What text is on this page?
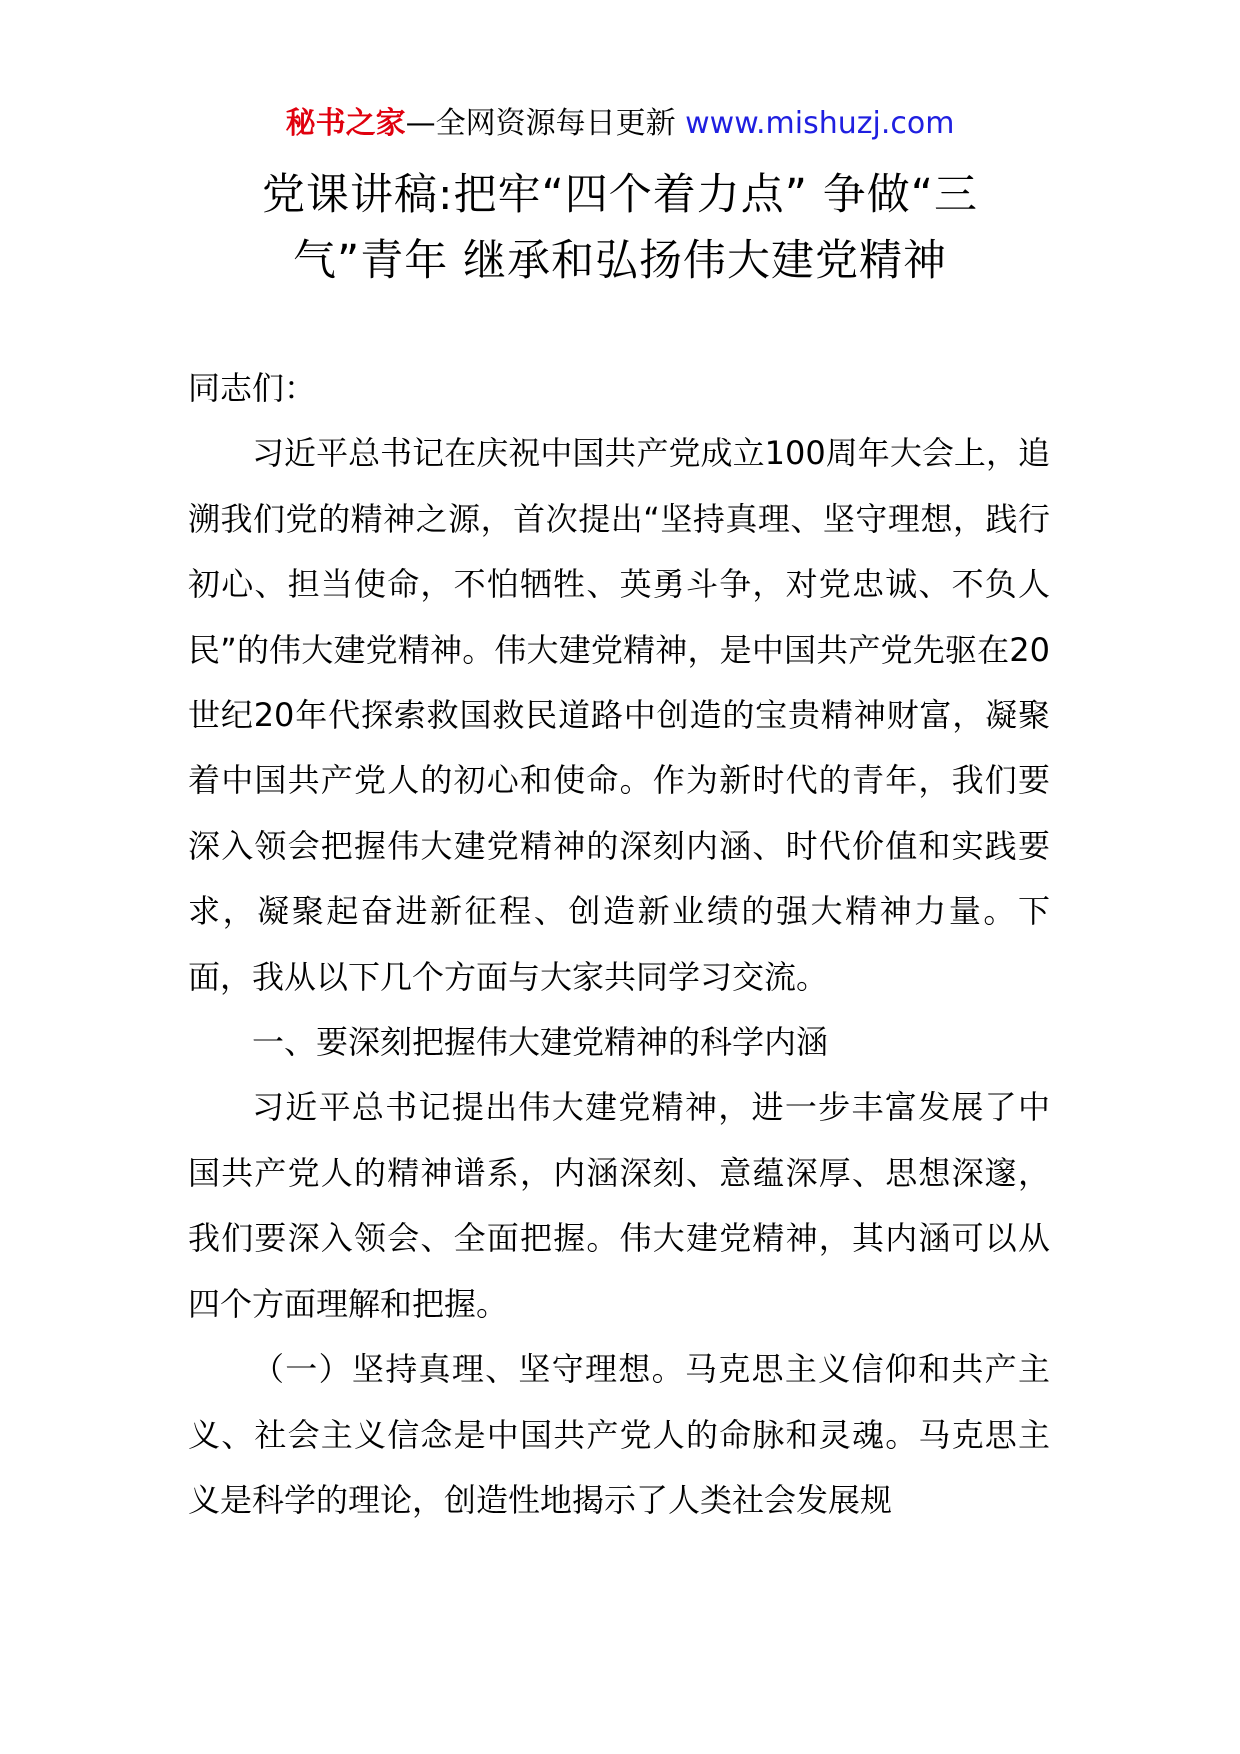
秘书之家—全网资源每日更新 www.mishuzj.com
党课讲稿:把牢“四个着力点” 争做“三
气”青年 继承和弘扬伟大建党精神

同志们：

习近平总书记在庆祝中国共产党成立100周年大会上，追溯我们党的精神之源，首次提出“坚持真理、坚守理想，践行初心、担当使命，不怕牺牲、英勇斗争，对党忠诚、不负人民”的伟大建党精神。伟大建党精神，是中国共产党先驱在20世纪20年代探索救国救民道路中创造的宝贵精神财富，凝聚着中国共产党人的初心和使命。作为新时代的青年，我们要深入领会把握伟大建党精神的深刻内涵、时代价值和实践要求，凝聚起奋进新征程、创造新业绩的强大精神力量。下面，我从以下几个方面与大家共同学习交流。

一、要深刻把握伟大建党精神的科学内涵

习近平总书记提出伟大建党精神，进一步丰富发展了中国共产党人的精神谱系，内涵深刻、意蕴深厚、思想深邃，我们要深入领会、全面把握。伟大建党精神，其内涵可以从四个方面理解和把握。

（一）坚持真理、坚守理想。马克思主义信仰和共产主义、社会主义信念是中国共产党人的命脉和灵魂。马克思主义是科学的理论，创造性地揭示了人类社会发展规
